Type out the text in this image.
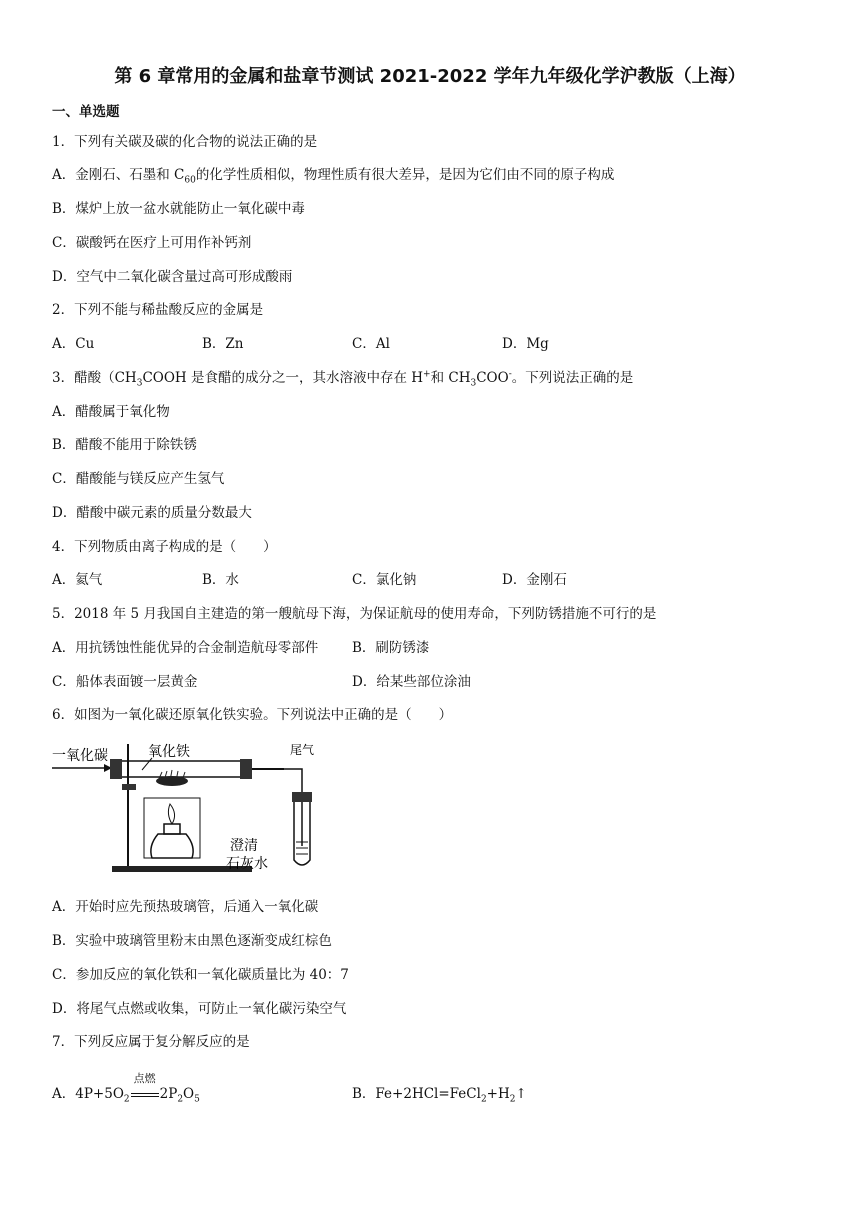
第 6 章常用的金属和盐章节测试 2021-2022 学年九年级化学沪教版（上海）
一、单选题
1．下列有关碳及碳的化合物的说法正确的是
A．金刚石、石墨和 $C_{60}$的化学性质相似，物理性质有很大差异，是因为它们由不同的原子构成
B．煤炉上放一盆水就能防止一氧化碳中毒
C．碳酸钙在医疗上可用作补钙剂
D．空气中二氧化碳含量过高可形成酸雨
2．下列不能与稀盐酸反应的金属是
A．Cu	B．Zn	C．Al	D．Mg
3．醋酸（$CH_3COOH$ 是食醋的成分之一，其水溶液中存在 H+和 $CH_3COO^-$。下列说法正确的是
A．醋酸属于氧化物
B．醋酸不能用于除铁锈
C．醋酸能与镁反应产生氢气
D．醋酸中碳元素的质量分数最大
4．下列物质由离子构成的是（　　）
A．氦气	B．水	C．氯化钠	D．金刚石
5．2018 年 5 月我国自主建造的第一艘航母下海，为保证航母的使用寿命，下列防锈措施不可行的是
A．用抗锈蚀性能优异的合金制造航母零部件	B．刷防锈漆
C．船体表面镀一层黄金	D．给某些部位涂油
6．如图为一氧化碳还原氧化铁实验。下列说法中正确的是（　　）
一氧化碳	氧化铁	尾气
澄清
石灰水
A．开始时应先预热玻璃管，后通入一氧化碳
B．实验中玻璃管里粉末由黑色逐渐变成红棕色
C．参加反应的氧化铁和一氧化碳质量比为 40：7
D．将尾气点燃或收集，可防止一氧化碳污染空气
7．下列反应属于复分解反应的是
A．$4P+5O_2$
点燃
$2P_2O_5$	B．$Fe+2HCl=FeCl_2+H_2↑$
